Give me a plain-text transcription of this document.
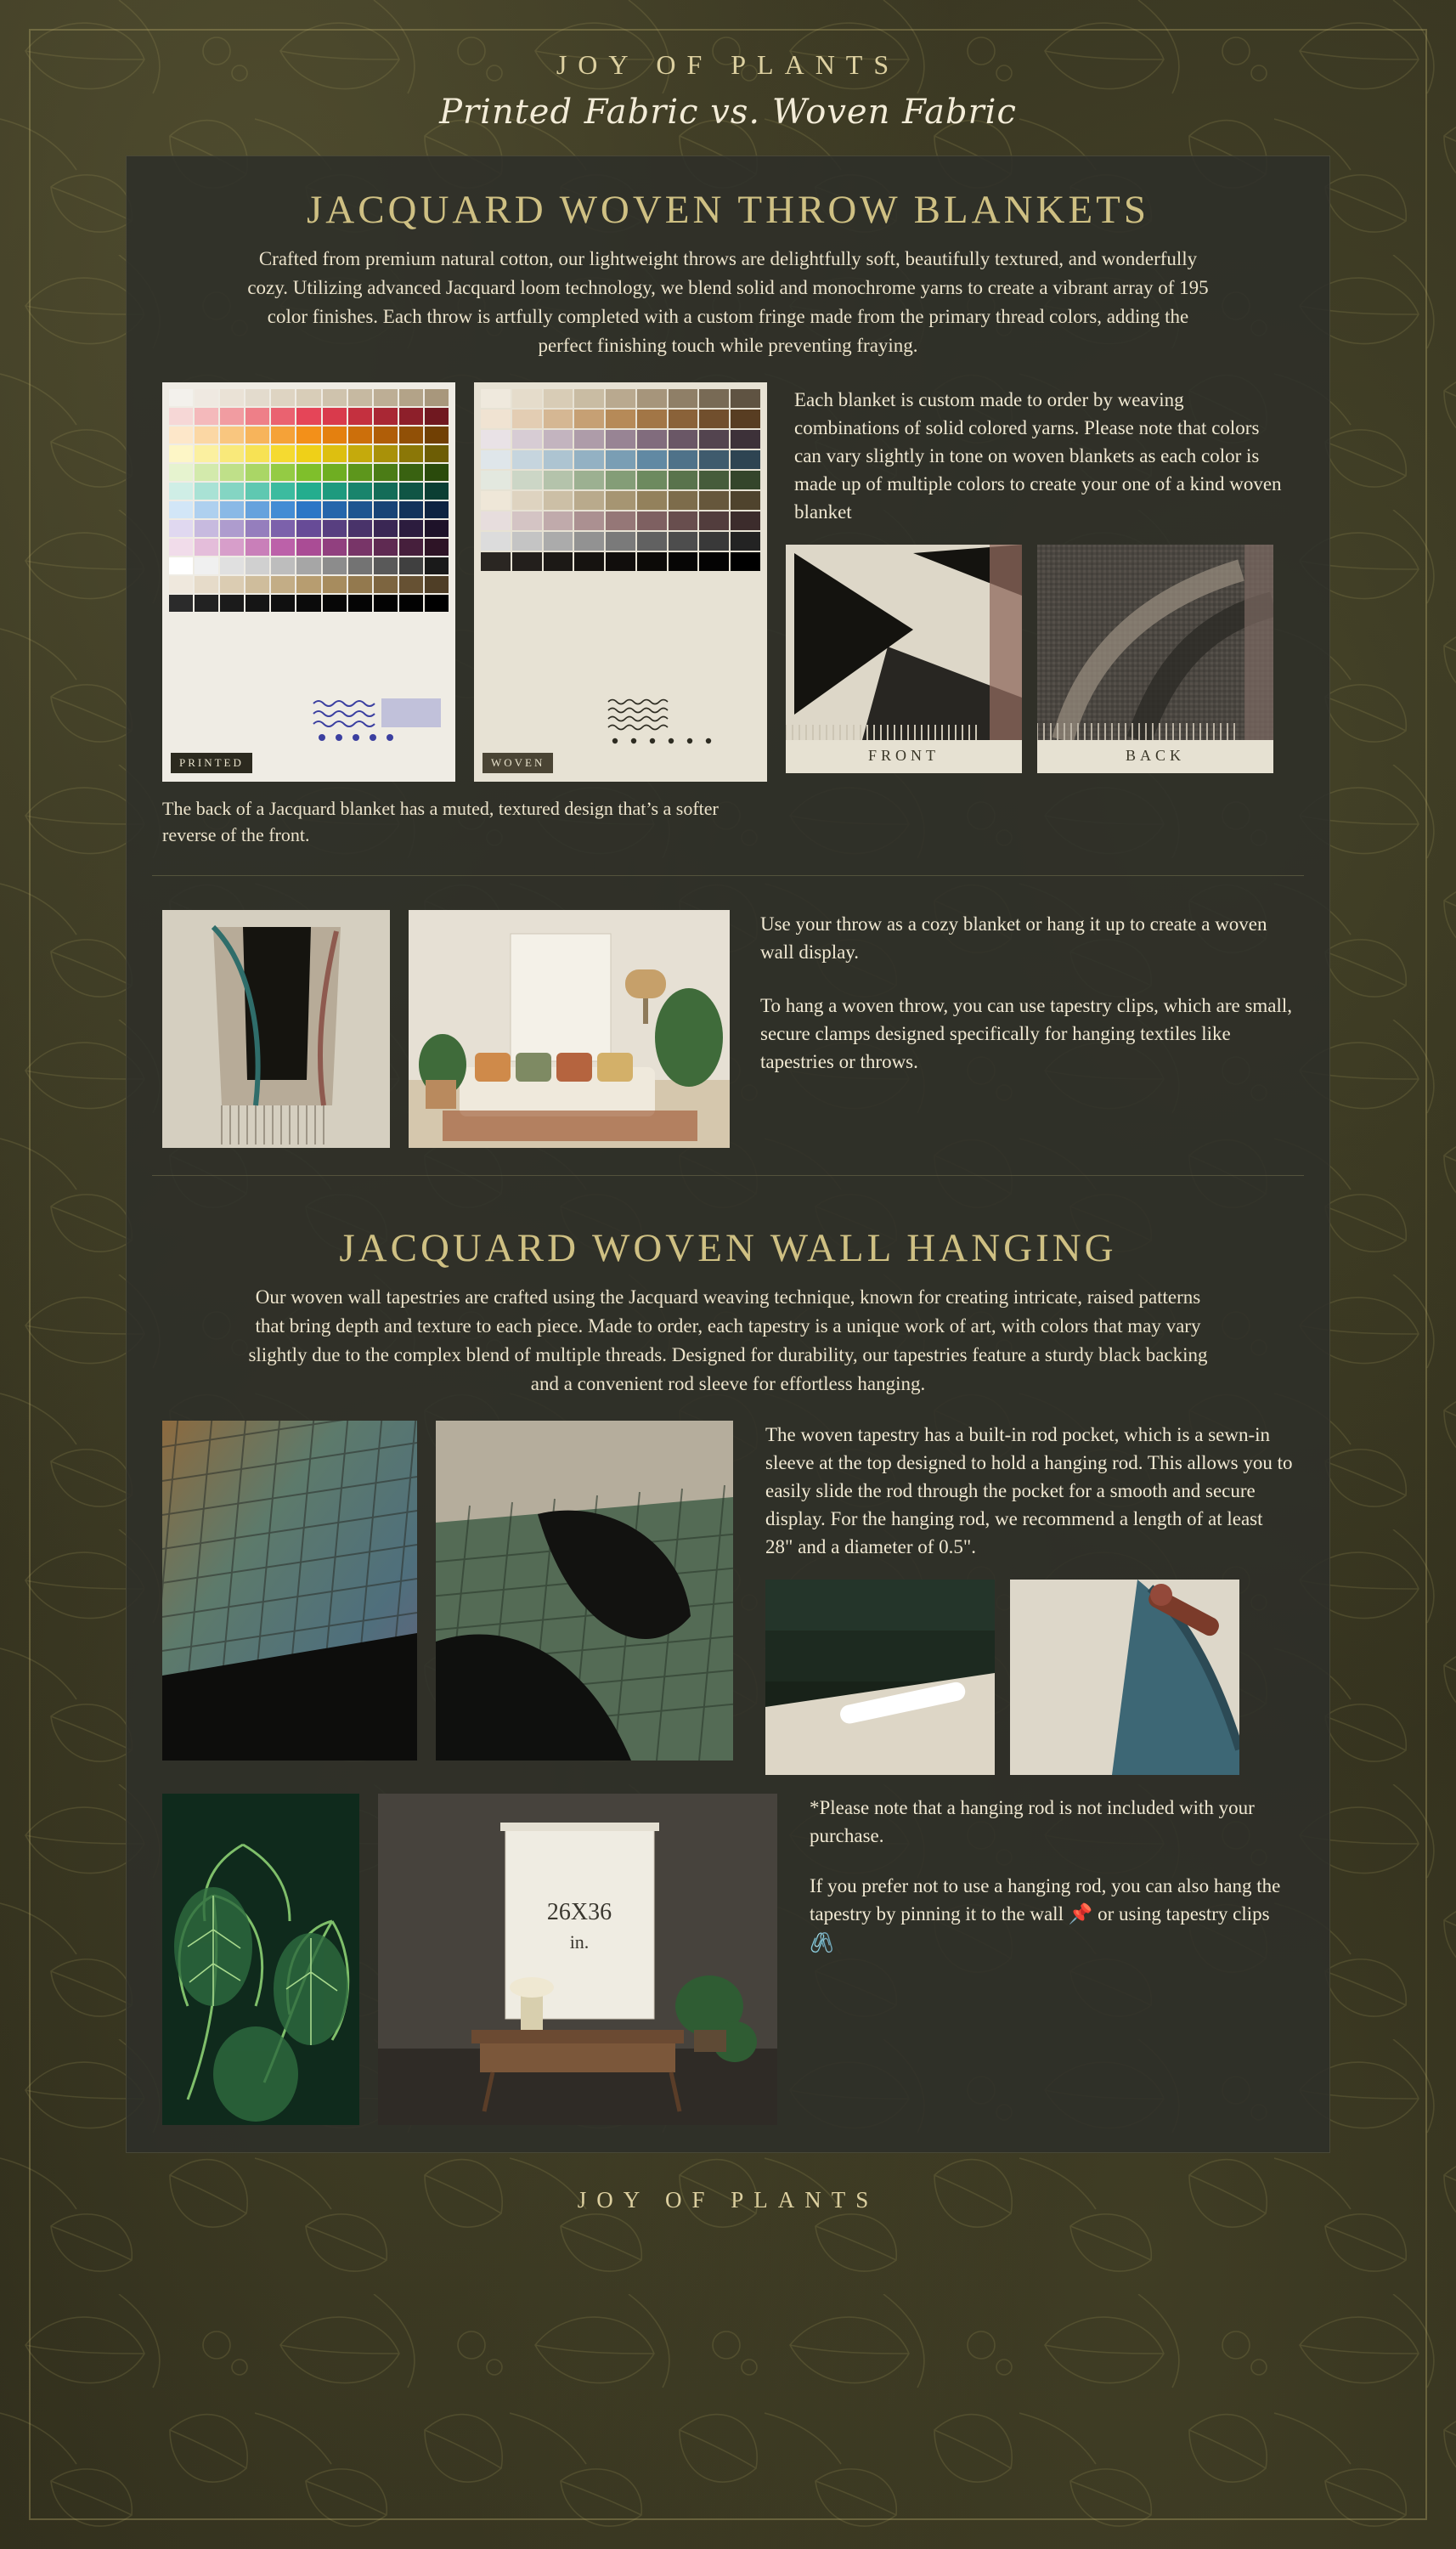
JOY OF PLANTS
Printed Fabric vs. Woven Fabric
JACQUARD WOVEN THROW BLANKETS

Crafted from premium natural cotton, our lightweight throws are delightfully soft, beautifully textured, and wonderfully cozy. Utilizing advanced Jacquard loom technology, we blend solid and monochrome yarns to create a vibrant array of 195 color finishes. Each throw is artfully completed with a custom fringe made from the primary thread colors, adding the perfect finishing touch while preventing fraying.

PRINTED	WOVEN
Each blanket is custom made to order by weaving combinations of solid colored yarns. Please note that colors can vary slightly in tone on woven blankets as each color is made up of multiple colors to create your one of a kind woven blanket
FRONT	BACK
The back of a Jacquard blanket has a muted, textured design that’s a softer reverse of the front.
Use your throw as a cozy blanket or hang it up to create a woven wall display.
To hang a woven throw, you can use tapestry clips, which are small, secure clamps designed specifically for hanging textiles like tapestries or throws.
JACQUARD WOVEN WALL HANGING

Our woven wall tapestries are crafted using the Jacquard weaving technique, known for creating intricate, raised patterns that bring depth and texture to each piece. Made to order, each tapestry is a unique work of art, with colors that may vary slightly due to the complex blend of multiple threads. Designed for durability, our tapestries feature a sturdy black backing and a convenient rod sleeve for effortless hanging.

The woven tapestry has a built-in rod pocket, which is a sewn-in sleeve at the top designed to hold a hanging rod. This allows you to easily slide the rod through the pocket for a smooth and secure display. For the hanging rod, we recommend a length of at least 28" and a diameter of 0.5".
26X36
in.
*Please note that a hanging rod is not included with your purchase.
If you prefer not to use a hanging rod, you can also hang the tapestry by pinning it to the wall 📌 or using tapestry clips 🖇️
JOY OF PLANTS
